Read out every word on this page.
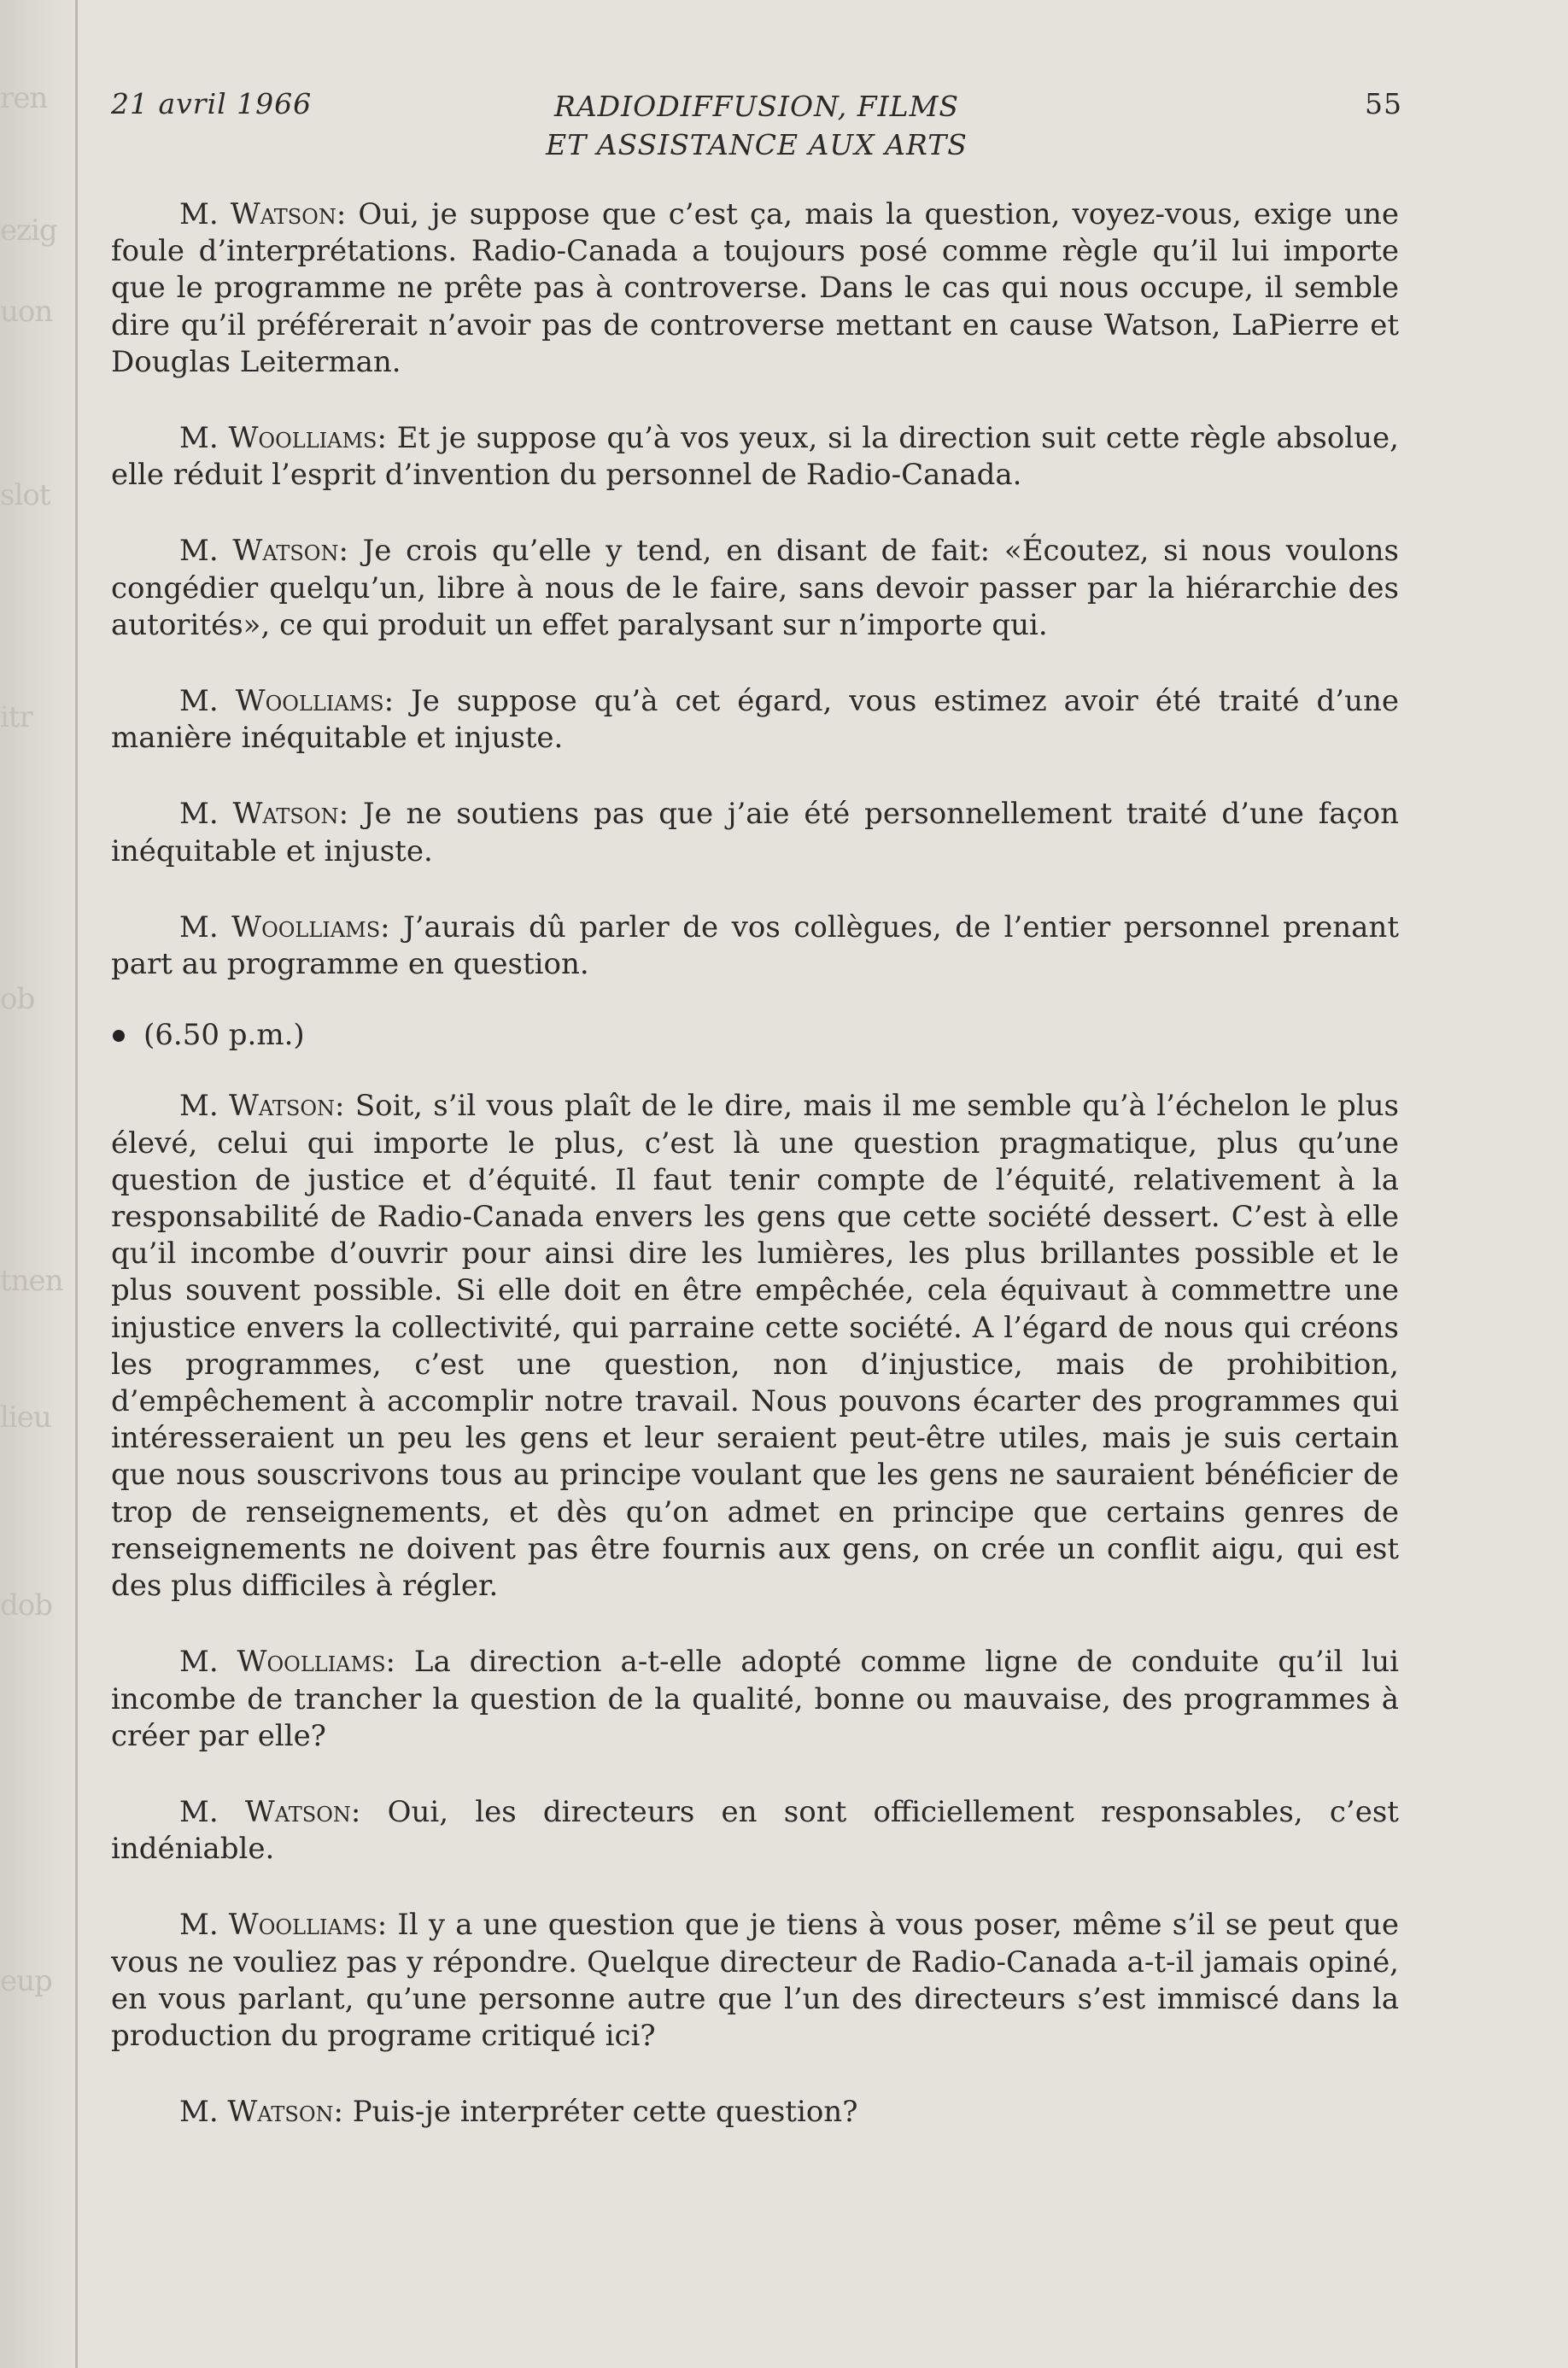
ren
ezig
uon
slot
itr
ob
tnen
lieu
dob
eup
21 avril 1966	RADIODIFFUSION, FILMS
ET ASSISTANCE AUX ARTS
55

M. Watson: Oui, je suppose que c’est ça, mais la question, voyez-vous, exige une foule d’interprétations. Radio-Canada a toujours posé comme règle qu’il lui importe que le programme ne prête pas à controverse. Dans le cas qui nous occupe, il semble dire qu’il préférerait n’avoir pas de controverse mettant en cause Watson, LaPierre et Douglas Leiterman.

M. Woolliams: Et je suppose qu’à vos yeux, si la direction suit cette règle absolue, elle réduit l’esprit d’invention du personnel de Radio-Canada.

M. Watson: Je crois qu’elle y tend, en disant de fait: «Écoutez, si nous voulons congédier quelqu’un, libre à nous de le faire, sans devoir passer par la hiérarchie des autorités», ce qui produit un effet paralysant sur n’importe qui.

M. Woolliams: Je suppose qu’à cet égard, vous estimez avoir été traité d’une manière inéquitable et injuste.

M. Watson: Je ne soutiens pas que j’aie été personnellement traité d’une façon inéquitable et injuste.

M. Woolliams: J’aurais dû parler de vos collègues, de l’entier personnel prenant part au programme en question.

(6.50 p.m.)

M. Watson: Soit, s’il vous plaît de le dire, mais il me semble qu’à l’échelon le plus élevé, celui qui importe le plus, c’est là une question pragmatique, plus qu’une question de justice et d’équité. Il faut tenir compte de l’équité, relativement à la responsabilité de Radio-Canada envers les gens que cette société dessert. C’est à elle qu’il incombe d’ouvrir pour ainsi dire les lumières, les plus brillantes possible et le plus souvent possible. Si elle doit en être empêchée, cela équivaut à commettre une injustice envers la collectivité, qui parraine cette société. A l’égard de nous qui créons les programmes, c’est une question, non d’injustice, mais de prohibition, d’empêchement à accomplir notre travail. Nous pouvons écarter des programmes qui intéresseraient un peu les gens et leur seraient peut-être utiles, mais je suis certain que nous souscrivons tous au principe voulant que les gens ne sauraient bénéficier de trop de renseignements, et dès qu’on admet en principe que certains genres de renseignements ne doivent pas être fournis aux gens, on crée un conflit aigu, qui est des plus difficiles à régler.

M. Woolliams: La direction a-t-elle adopté comme ligne de conduite qu’il lui incombe de trancher la question de la qualité, bonne ou mauvaise, des programmes à créer par elle?

M. Watson: Oui, les directeurs en sont officiellement responsables, c’est indéniable.

M. Woolliams: Il y a une question que je tiens à vous poser, même s’il se peut que vous ne vouliez pas y répondre. Quelque directeur de Radio-Canada a-t-il jamais opiné, en vous parlant, qu’une personne autre que l’un des directeurs s’est immiscé dans la production du programe critiqué ici?

M. Watson: Puis-je interpréter cette question?
